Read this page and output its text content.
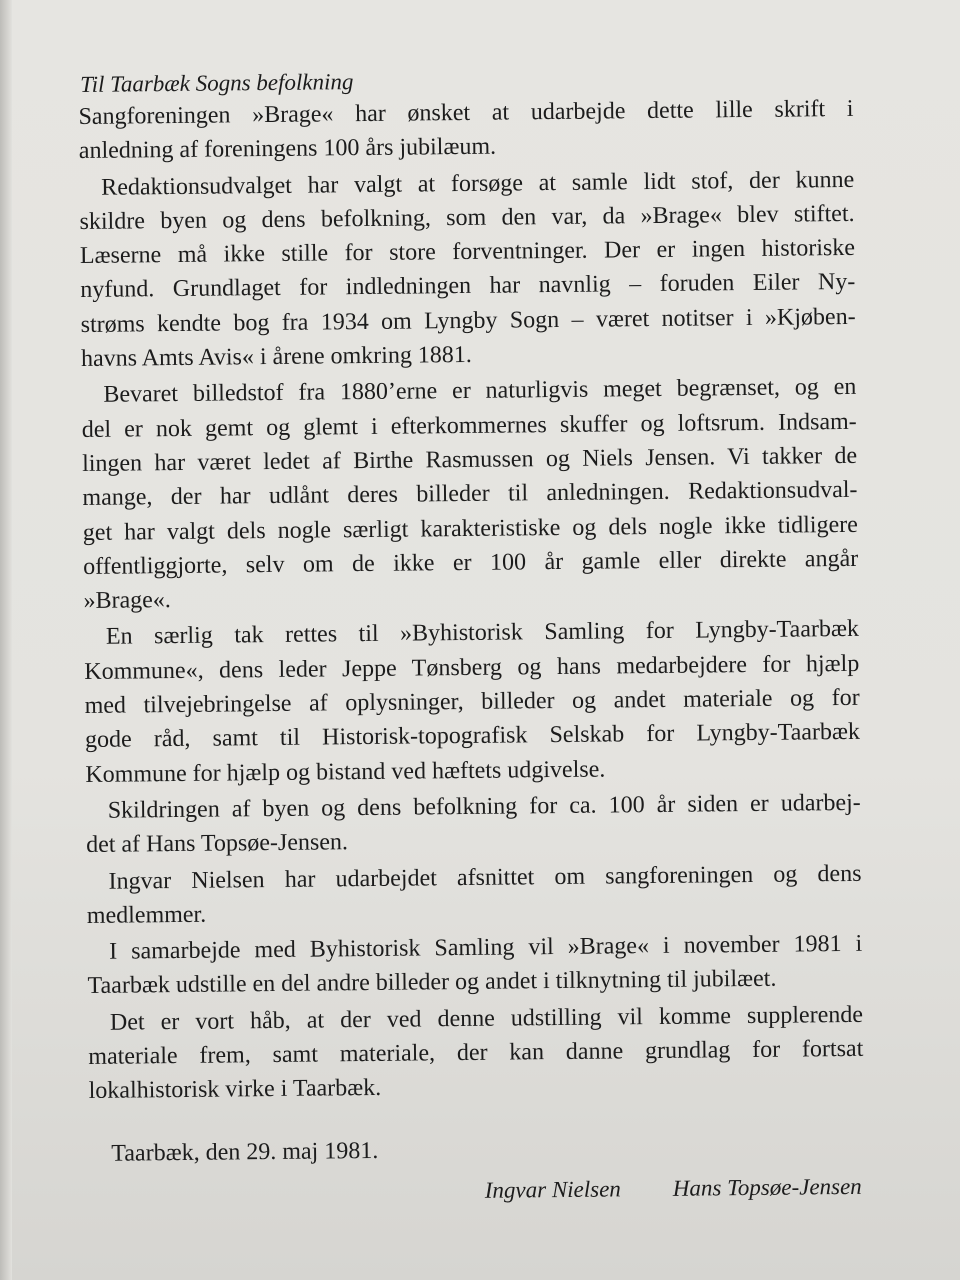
Til Taarbæk Sogns befolkning
Sangforeningen »Brage« har ønsket at udarbejde dette lille skrift i
anledning af foreningens 100 års jubilæum.
Redaktionsudvalget har valgt at forsøge at samle lidt stof, der kunne
skildre byen og dens befolkning, som den var, da »Brage« blev stiftet.
Læserne må ikke stille for store forventninger. Der er ingen historiske
nyfund. Grundlaget for indledningen har navnlig – foruden Eiler Ny-
strøms kendte bog fra 1934 om Lyngby Sogn – været notitser i »Kjøben-
havns Amts Avis« i årene omkring 1881.
Bevaret billedstof fra 1880’erne er naturligvis meget begrænset, og en
del er nok gemt og glemt i efterkommernes skuffer og loftsrum. Indsam-
lingen har været ledet af Birthe Rasmussen og Niels Jensen. Vi takker de
mange, der har udlånt deres billeder til anledningen. Redaktionsudval-
get har valgt dels nogle særligt karakteristiske og dels nogle ikke tidligere
offentliggjorte, selv om de ikke er 100 år gamle eller direkte angår
»Brage«.
En særlig tak rettes til »Byhistorisk Samling for Lyngby-Taarbæk
Kommune«, dens leder Jeppe Tønsberg og hans medarbejdere for hjælp
med tilvejebringelse af oplysninger, billeder og andet materiale og for
gode råd, samt til Historisk-topografisk Selskab for Lyngby-Taarbæk
Kommune for hjælp og bistand ved hæftets udgivelse.
Skildringen af byen og dens befolkning for ca. 100 år siden er udarbej-
det af Hans Topsøe-Jensen.
Ingvar Nielsen har udarbejdet afsnittet om sangforeningen og dens
medlemmer.
I samarbejde med Byhistorisk Samling vil »Brage« i november 1981 i
Taarbæk udstille en del andre billeder og andet i tilknytning til jubilæet.
Det er vort håb, at der ved denne udstilling vil komme supplerende
materiale frem, samt materiale, der kan danne grundlag for fortsat
lokalhistorisk virke i Taarbæk.
Taarbæk, den 29. maj 1981.
Ingvar Nielsen Hans Topsøe-Jensen
